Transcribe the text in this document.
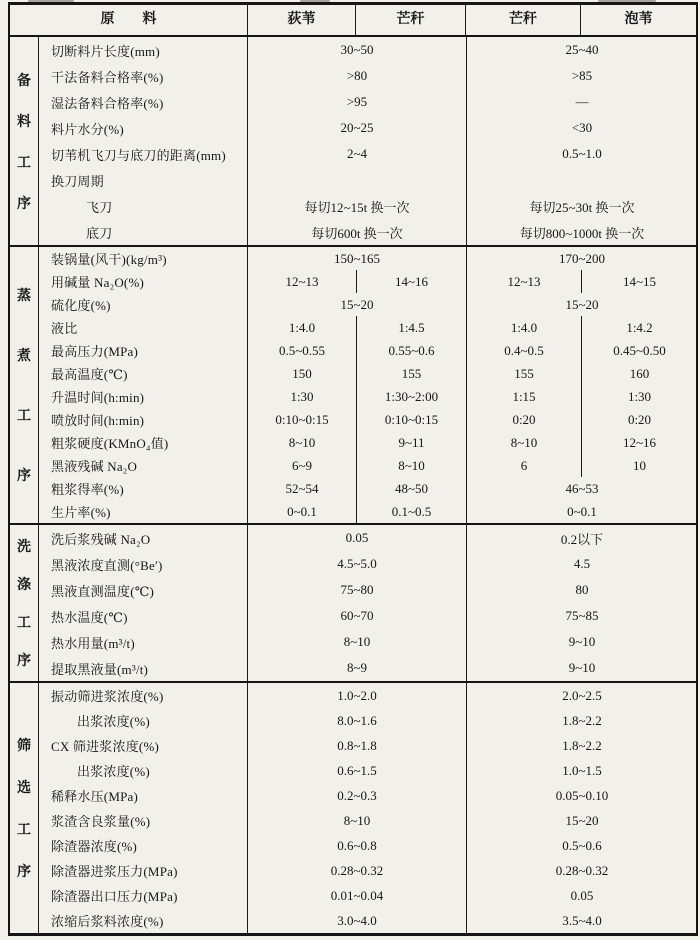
原　　料	荻苇	芒秆	芒秆	泡苇
备
料
工
序
切断料片长度(mm)	30~50	25~40
干法备料合格率(%)	>80	>85
湿法备料合格率(%)	>95	—
料片水分(%)	20~25	<30
切苇机飞刀与底刀的距离(mm)	2~4	0.5~1.0
换刀周期
飞刀	每切12~15t 换一次	每切25~30t 换一次
底刀	每切600t 换一次	每切800~1000t 换一次
蒸
煮
工
序
装锅量(风干)(kg/m³)	150~165	170~200
用碱量 Na₂O(%)	12~13	14~16	12~13	14~15
硫化度(%)	15~20	15~20
液比	1:4.0	1:4.5	1:4.0	1:4.2
最高压力(MPa)	0.5~0.55	0.55~0.6	0.4~0.5	0.45~0.50
最高温度(℃)	150	155	155	160
升温时间(h:min)	1:30	1:30~2:00	1:15	1:30
喷放时间(h:min)	0:10~0:15	0:10~0:15	0:20	0:20
粗浆硬度(KMnO₄值)	8~10	9~11	8~10	12~16
黑液残碱 Na₂O	6~9	8~10	6	10
粗浆得率(%)	52~54	48~50	46~53
生片率(%)	0~0.1	0.1~0.5	0~0.1
洗
涤
工
序
洗后浆残碱 Na₂O	0.05	0.2以下
黑液浓度直测(°Be′)	4.5~5.0	4.5
黑液直测温度(℃)	75~80	80
热水温度(℃)	60~70	75~85
热水用量(m³/t)	8~10	9~10
提取黑液量(m³/t)	8~9	9~10
筛
选
工
序
振动筛进浆浓度(%)	1.0~2.0	2.0~2.5
出浆浓度(%)	8.0~1.6	1.8~2.2
CX 筛进浆浓度(%)	0.8~1.8	1.8~2.2
出浆浓度(%)	0.6~1.5	1.0~1.5
稀释水压(MPa)	0.2~0.3	0.05~0.10
浆渣含良浆量(%)	8~10	15~20
除渣器浓度(%)	0.6~0.8	0.5~0.6
除渣器进浆压力(MPa)	0.28~0.32	0.28~0.32
除渣器出口压力(MPa)	0.01~0.04	0.05
浓缩后浆料浓度(%)	3.0~4.0	3.5~4.0
